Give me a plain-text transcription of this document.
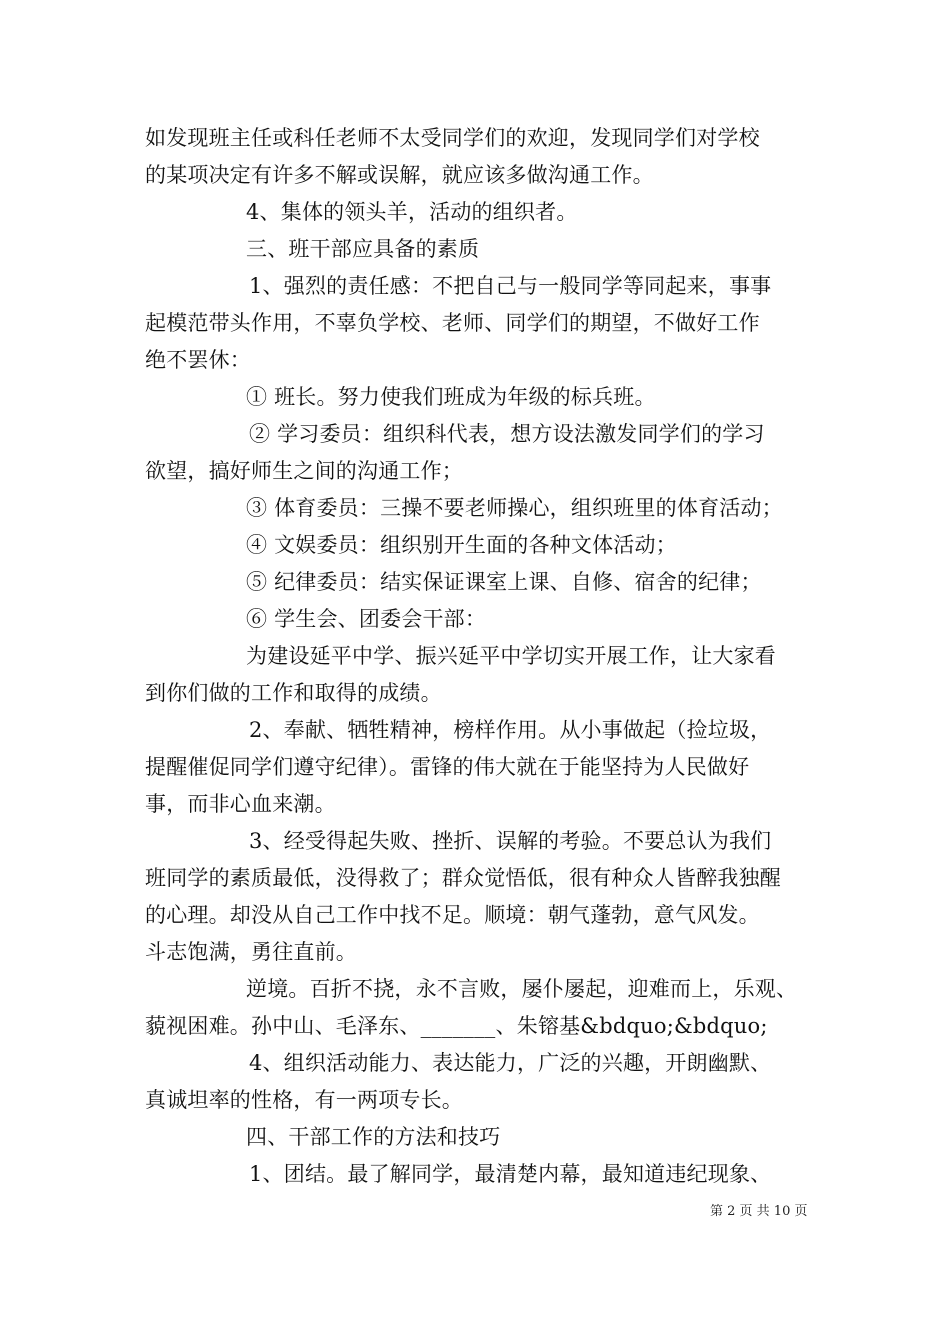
如发现班主任或科任老师不太受同学们的欢迎，发现同学们对学校
的某项决定有许多不解或误解，就应该多做沟通工作。
4、集体的领头羊，活动的组织者。
三、班干部应具备的素质
1、强烈的责任感：不把自己与一般同学等同起来，事事
起模范带头作用，不辜负学校、老师、同学们的期望，不做好工作
绝不罢休：
① 班长。努力使我们班成为年级的标兵班。
② 学习委员：组织科代表，想方设法激发同学们的学习
欲望，搞好师生之间的沟通工作；
③ 体育委员：三操不要老师操心，组织班里的体育活动；
④ 文娱委员：组织别开生面的各种文体活动；
⑤ 纪律委员：结实保证课室上课、自修、宿舍的纪律；
⑥ 学生会、团委会干部：
为建设延平中学、振兴延平中学切实开展工作，让大家看
到你们做的工作和取得的成绩。
2、奉献、牺牲精神，榜样作用。从小事做起（捡垃圾，
提醒催促同学们遵守纪律）。雷锋的伟大就在于能坚持为人民做好
事，而非心血来潮。
3、经受得起失败、挫折、误解的考验。不要总认为我们
班同学的素质最低，没得救了；群众觉悟低，很有种众人皆醉我独醒
的心理。却没从自己工作中找不足。顺境：朝气蓬勃，意气风发。
斗志饱满，勇往直前。
逆境。百折不挠，永不言败，屡仆屡起，迎难而上，乐观、
藐视困难。孙中山、毛泽东、_______、朱镕基&bdquo;&bdquo;
4、组织活动能力、表达能力，广泛的兴趣，开朗幽默、
真诚坦率的性格，有一两项专长。
四、干部工作的方法和技巧
1、团结。最了解同学，最清楚内幕，最知道违纪现象、
第 2 页 共 10 页
